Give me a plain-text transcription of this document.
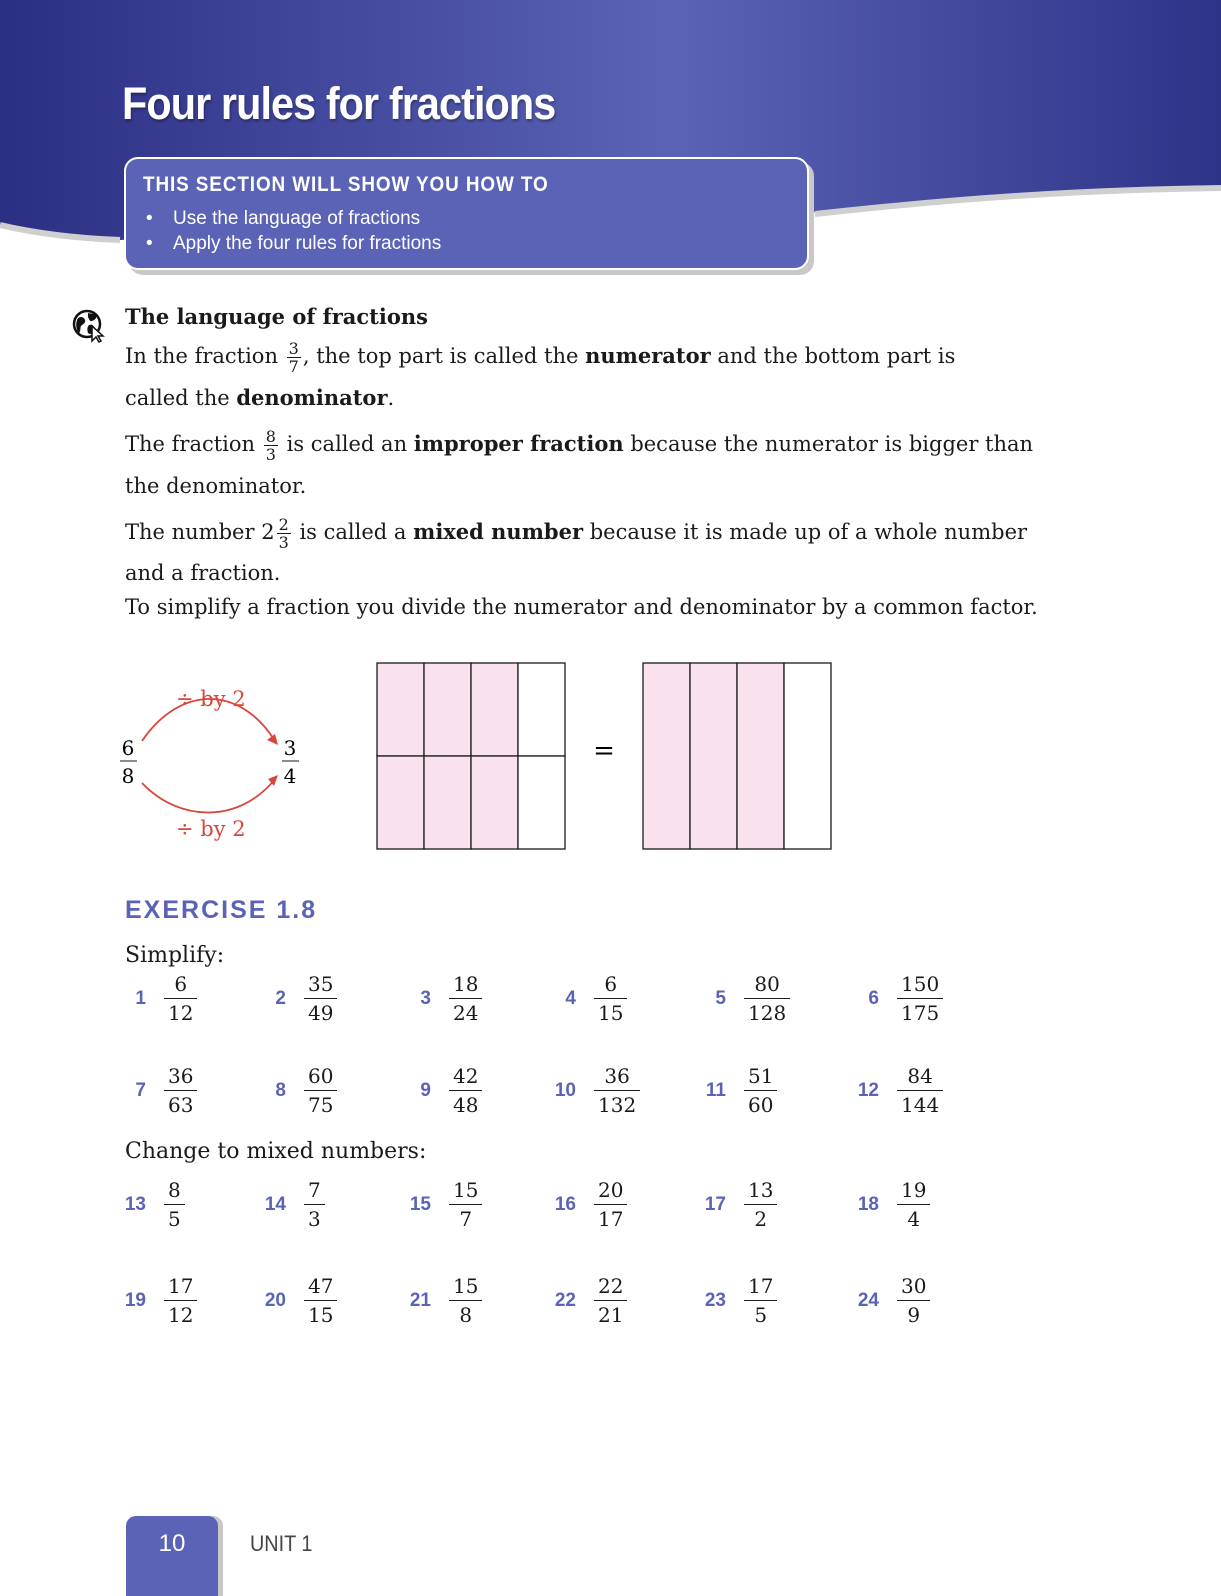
Four rules for fractions
THIS SECTION WILL SHOW YOU HOW TO
• Use the language of fractions
• Apply the four rules for fractions
The language of fractions
In the fraction $\frac{3}{7}$ , the top part is called the numerator and the bottom part is
called the denominator.
The fraction $\frac{8}{3}$ is called an improper fraction because the numerator is bigger than
the denominator.
The number $2 \frac{2}{3}$ is called a mixed number because it is made up of a whole number
and a fraction.
To simplify a fraction you divide the numerator and denominator by a common factor.
÷ by 2
6
8
3
4
÷ by 2
=
EXERCISE 1.8
Simplify:
Change to mixed numbers:
$1 \frac{6}{12}$	$2 \frac{35}{49}$	$3 \frac{18}{24}$	$4 \frac{6}{15}$	$5 \frac{80}{128}$	$6 \frac{150}{175}$
$7 \frac{36}{63}$	$8 \frac{60}{75}$	$9 \frac{42}{48}$	$10 \frac{36}{132}$	$11 \frac{51}{60}$	$12 \frac{84}{144}$
$13 \frac{8}{5}$	$14 \frac{7}{3}$	$15 \frac{15}{7}$	$16 \frac{20}{17}$	$17 \frac{13}{2}$	$18 \frac{19}{4}$
$19 \frac{17}{12}$	$20 \frac{47}{15}$	$21 \frac{15}{8}$	$22 \frac{22}{21}$	$23 \frac{17}{5}$	$24 \frac{30}{9}$
10	UNIT 1
